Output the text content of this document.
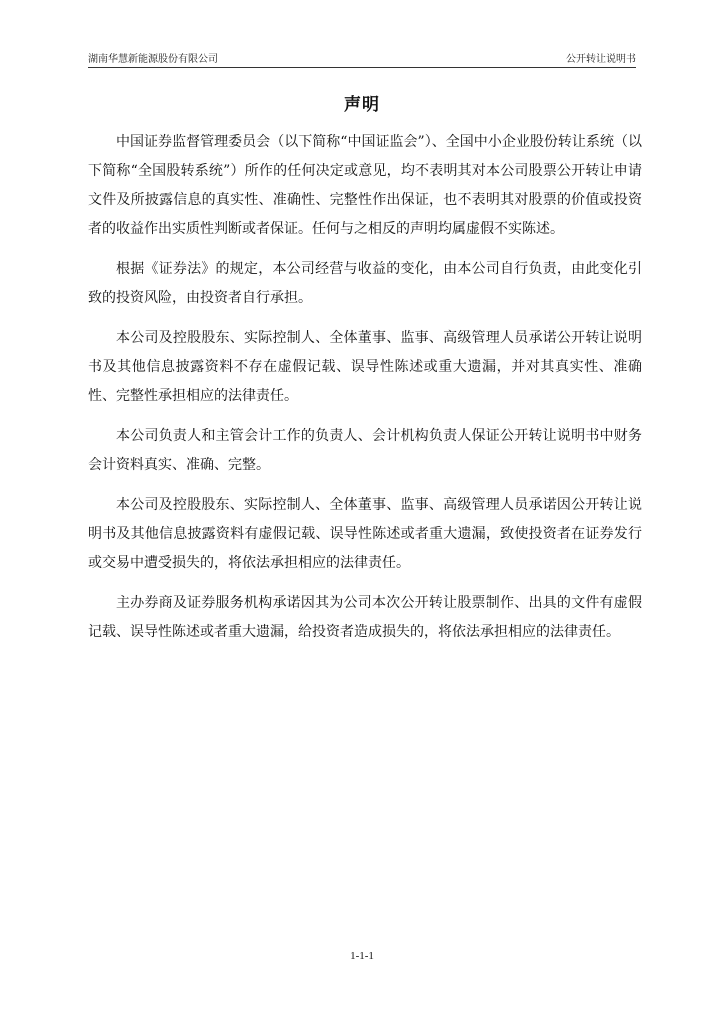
湖南华慧新能源股份有限公司	公开转让说明书
声明

中国证券监督管理委员会（以下简称“中国证监会”）、全国中小企业股份转让系统（以下简称“全国股转系统”）所作的任何决定或意见，均不表明其对本公司股票公开转让申请文件及所披露信息的真实性、准确性、完整性作出保证，也不表明其对股票的价值或投资者的收益作出实质性判断或者保证。任何与之相反的声明均属虚假不实陈述。

根据《证券法》的规定，本公司经营与收益的变化，由本公司自行负责，由此变化引致的投资风险，由投资者自行承担。

本公司及控股股东、实际控制人、全体董事、监事、高级管理人员承诺公开转让说明书及其他信息披露资料不存在虚假记载、误导性陈述或重大遗漏，并对其真实性、准确性、完整性承担相应的法律责任。

本公司负责人和主管会计工作的负责人、会计机构负责人保证公开转让说明书中财务会计资料真实、准确、完整。

本公司及控股股东、实际控制人、全体董事、监事、高级管理人员承诺因公开转让说明书及其他信息披露资料有虚假记载、误导性陈述或者重大遗漏，致使投资者在证券发行或交易中遭受损失的，将依法承担相应的法律责任。

主办券商及证券服务机构承诺因其为公司本次公开转让股票制作、出具的文件有虚假记载、误导性陈述或者重大遗漏，给投资者造成损失的，将依法承担相应的法律责任。

1-1-1
